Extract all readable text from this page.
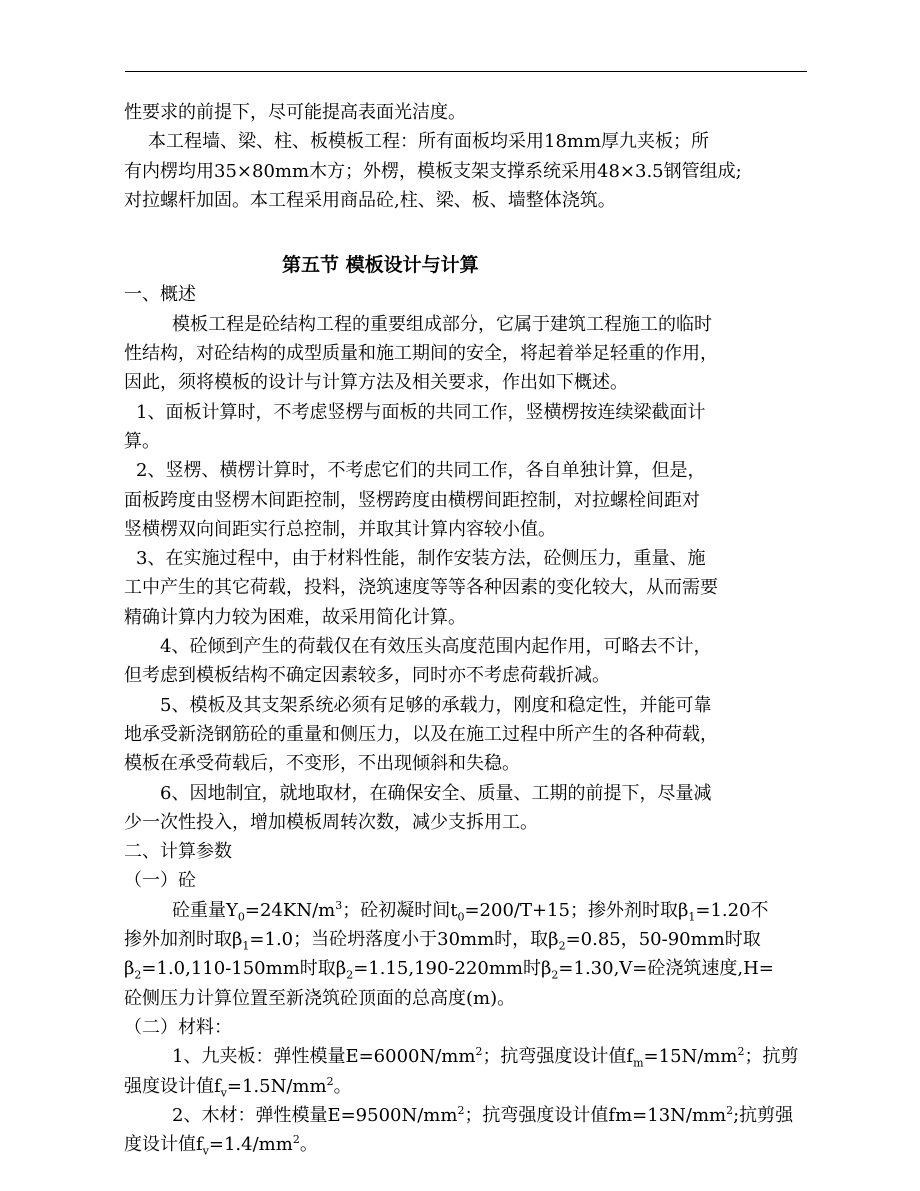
性要求的前提下，尽可能提高表面光洁度。
本工程墙、梁、柱、板模板工程：所有面板均采用18mm厚九夹板；所
有内楞均用35×80mm木方；外楞，模板支架支撑系统采用48×3.5钢管组成;
对拉螺杆加固。本工程采用商品砼,柱、梁、板、墙整体浇筑。
第五节 模板设计与计算
一、概述
模板工程是砼结构工程的重要组成部分，它属于建筑工程施工的临时
性结构，对砼结构的成型质量和施工期间的安全，将起着举足轻重的作用，
因此，须将模板的设计与计算方法及相关要求，作出如下概述。
1、面板计算时，不考虑竖楞与面板的共同工作，竖横楞按连续梁截面计
算。
2、竖楞、横楞计算时，不考虑它们的共同工作，各自单独计算，但是，
面板跨度由竖楞木间距控制，竖楞跨度由横楞间距控制，对拉螺栓间距对
竖横楞双向间距实行总控制，并取其计算内容较小值。
3、在实施过程中，由于材料性能，制作安装方法，砼侧压力，重量、施
工中产生的其它荷载，投料，浇筑速度等等各种因素的变化较大，从而需要
精确计算内力较为困难，故采用简化计算。
4、砼倾到产生的荷载仅在有效压头高度范围内起作用，可略去不计，
但考虑到模板结构不确定因素较多，同时亦不考虑荷载折减。
5、模板及其支架系统必须有足够的承载力，刚度和稳定性，并能可靠
地承受新浇钢筋砼的重量和侧压力，以及在施工过程中所产生的各种荷载，
模板在承受荷载后，不变形，不出现倾斜和失稳。
6、因地制宜，就地取材，在确保安全、质量、工期的前提下，尽量减
少一次性投入，增加模板周转次数，减少支拆用工。
二、计算参数
（一）砼
砼重量$\Upsilon_0=24KN/m^3$；砼初凝时间$t_0=200/T+15$；掺外剂时取$\beta_1=1.20$不
掺外加剂时取$\beta_1=1.0$；当砼坍落度小于30mm时，取$\beta_2=0.85$，50-90mm时取
$\beta_2=1.0,110-150mm$时取$\beta_2=1.15,190-220mm$时$\beta_2=1.30,V=$砼浇筑速度,H=
砼侧压力计算位置至新浇筑砼顶面的总高度(m)。
（二）材料：
1、九夹板：弹性模量$E=6000N/mm^2$；抗弯强度设计值$f_m=15N/mm^2$；抗剪
强度设计值$f_v=1.5N/mm^2$。
2、木材：弹性模量$E=9500N/mm^2$；抗弯强度设计值$fm=13N/mm^2$;抗剪强
度设计值$f_v=1.4/mm^2$。
